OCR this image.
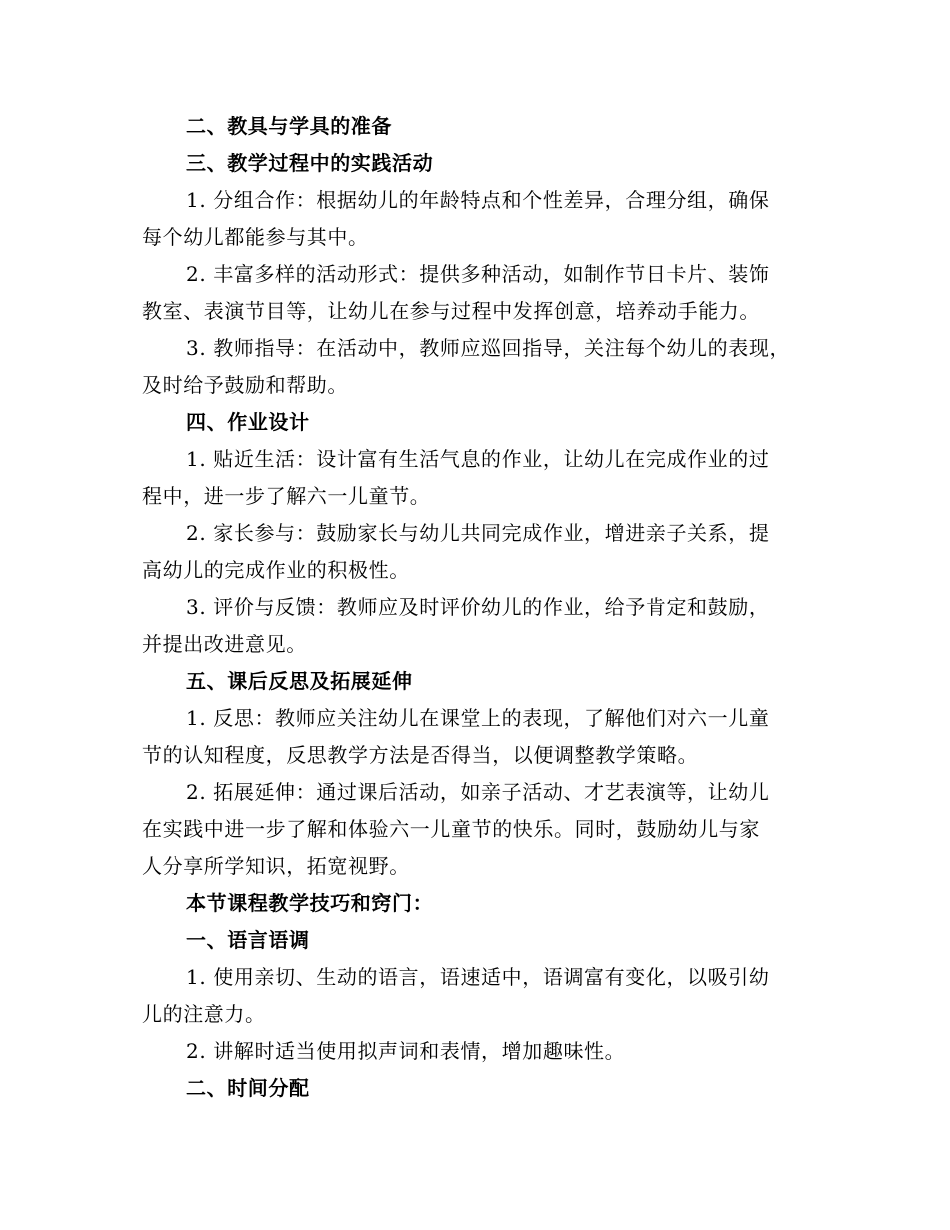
二、教具与学具的准备
三、教学过程中的实践活动
1. 分组合作：根据幼儿的年龄特点和个性差异，合理分组，确保
每个幼儿都能参与其中。
2. 丰富多样的活动形式：提供多种活动，如制作节日卡片、装饰
教室、表演节目等，让幼儿在参与过程中发挥创意，培养动手能力。
3. 教师指导：在活动中，教师应巡回指导，关注每个幼儿的表现，
及时给予鼓励和帮助。
四、作业设计
1. 贴近生活：设计富有生活气息的作业，让幼儿在完成作业的过
程中，进一步了解六一儿童节。
2. 家长参与：鼓励家长与幼儿共同完成作业，增进亲子关系，提
高幼儿的完成作业的积极性。
3. 评价与反馈：教师应及时评价幼儿的作业，给予肯定和鼓励，
并提出改进意见。
五、课后反思及拓展延伸
1. 反思：教师应关注幼儿在课堂上的表现，了解他们对六一儿童
节的认知程度，反思教学方法是否得当，以便调整教学策略。
2. 拓展延伸：通过课后活动，如亲子活动、才艺表演等，让幼儿
在实践中进一步了解和体验六一儿童节的快乐。同时，鼓励幼儿与家
人分享所学知识，拓宽视野。
本节课程教学技巧和窍门：
一、语言语调
1. 使用亲切、生动的语言，语速适中，语调富有变化，以吸引幼
儿的注意力。
2. 讲解时适当使用拟声词和表情，增加趣味性。
二、时间分配
